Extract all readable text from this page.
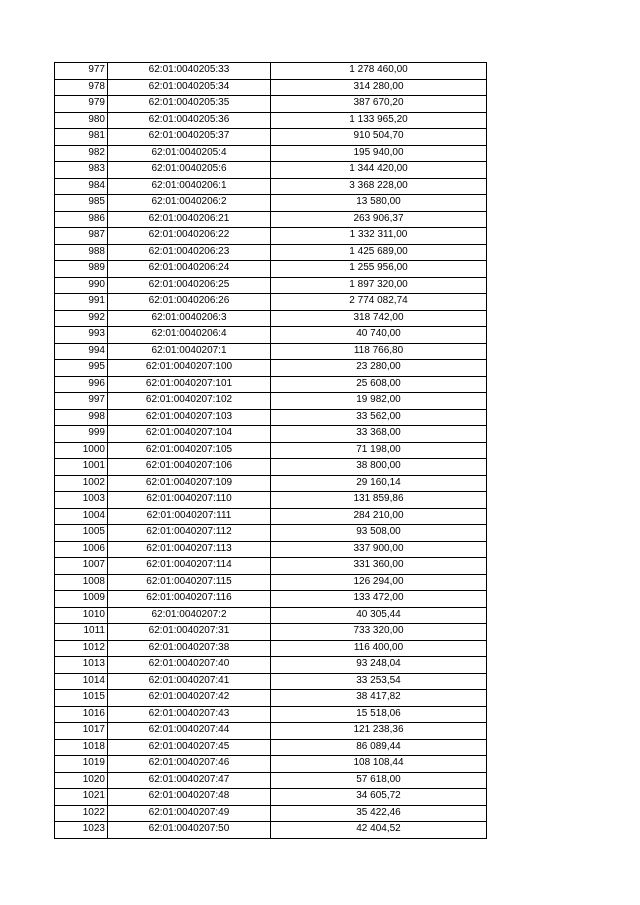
977	62:01:0040205:33	1 278 460,00
978	62:01:0040205:34	314 280,00
979	62:01:0040205:35	387 670,20
980	62:01:0040205:36	1 133 965,20
981	62:01:0040205:37	910 504,70
982	62:01:0040205:4	195 940,00
983	62:01:0040205:6	1 344 420,00
984	62:01:0040206:1	3 368 228,00
985	62:01:0040206:2	13 580,00
986	62:01:0040206:21	263 906,37
987	62:01:0040206:22	1 332 311,00
988	62:01:0040206:23	1 425 689,00
989	62:01:0040206:24	1 255 956,00
990	62:01:0040206:25	1 897 320,00
991	62:01:0040206:26	2 774 082,74
992	62:01:0040206:3	318 742,00
993	62:01:0040206:4	40 740,00
994	62:01:0040207:1	118 766,80
995	62:01:0040207:100	23 280,00
996	62:01:0040207:101	25 608,00
997	62:01:0040207:102	19 982,00
998	62:01:0040207:103	33 562,00
999	62:01:0040207:104	33 368,00
1000	62:01:0040207:105	71 198,00
1001	62:01:0040207:106	38 800,00
1002	62:01:0040207:109	29 160,14
1003	62:01:0040207:110	131 859,86
1004	62:01:0040207:111	284 210,00
1005	62:01:0040207:112	93 508,00
1006	62:01:0040207:113	337 900,00
1007	62:01:0040207:114	331 360,00
1008	62:01:0040207:115	126 294,00
1009	62:01:0040207:116	133 472,00
1010	62:01:0040207:2	40 305,44
1011	62:01:0040207:31	733 320,00
1012	62:01:0040207:38	116 400,00
1013	62:01:0040207:40	93 248,04
1014	62:01:0040207:41	33 253,54
1015	62:01:0040207:42	38 417,82
1016	62:01:0040207:43	15 518,06
1017	62:01:0040207:44	121 238,36
1018	62:01:0040207:45	86 089,44
1019	62:01:0040207:46	108 108,44
1020	62:01:0040207:47	57 618,00
1021	62:01:0040207:48	34 605,72
1022	62:01:0040207:49	35 422,46
1023	62:01:0040207:50	42 404,52
